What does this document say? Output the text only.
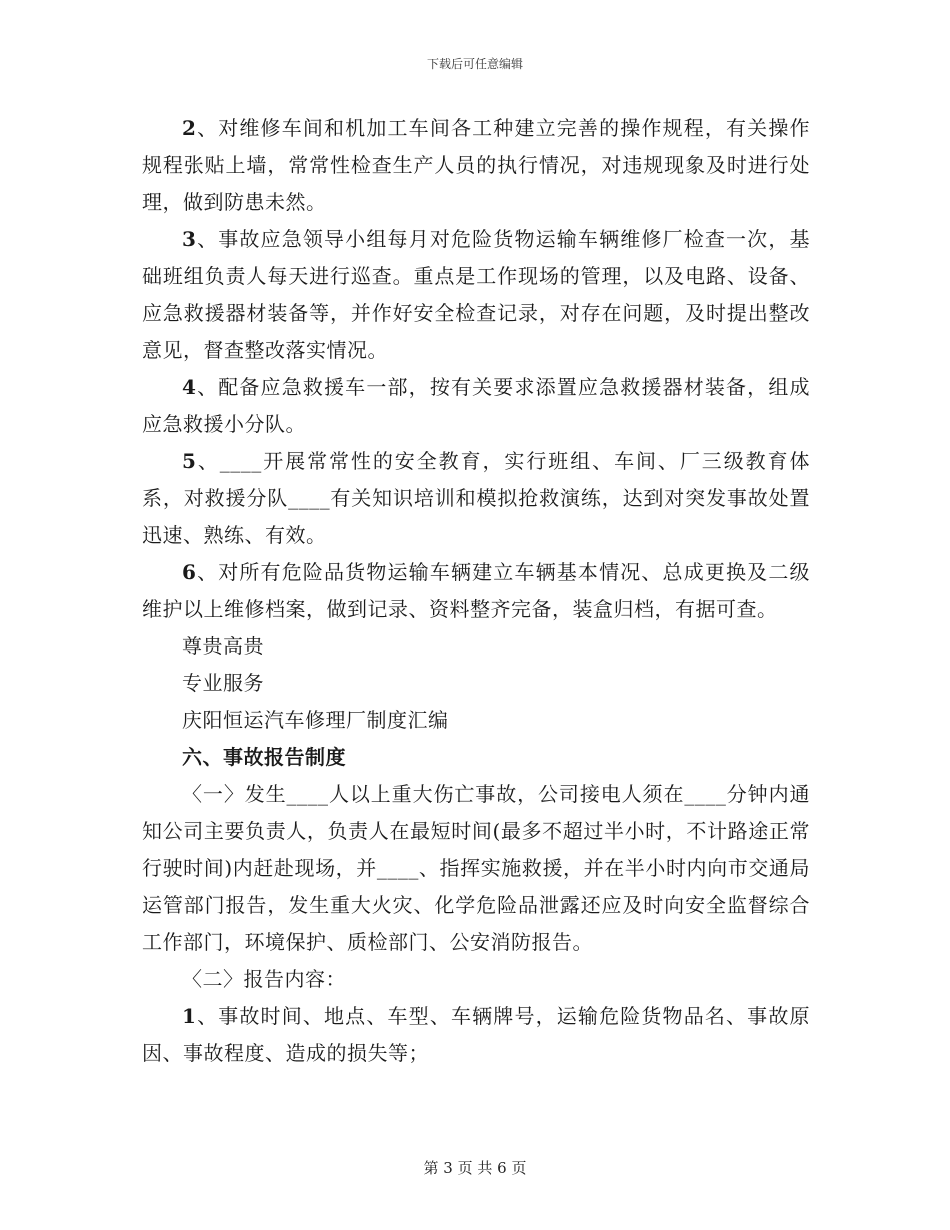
下载后可任意编辑

2、对维修车间和机加工车间各工种建立完善的操作规程，有关操作规程张贴上墙，常常性检查生产人员的执行情况，对违规现象及时进行处理，做到防患未然。

3、事故应急领导小组每月对危险货物运输车辆维修厂检查一次，基础班组负责人每天进行巡查。重点是工作现场的管理，以及电路、设备、应急救援器材装备等，并作好安全检查记录，对存在问题，及时提出整改意见，督查整改落实情况。

4、配备应急救援车一部，按有关要求添置应急救援器材装备，组成应急救援小分队。

5、____开展常常性的安全教育，实行班组、车间、厂三级教育体系，对救援分队____有关知识培训和模拟抢救演练，达到对突发事故处置迅速、熟练、有效。

6、对所有危险品货物运输车辆建立车辆基本情况、总成更换及二级维护以上维修档案，做到记录、资料整齐完备，装盒归档，有据可查。

尊贵高贵

专业服务

庆阳恒运汽车修理厂制度汇编

六、事故报告制度

〈一〉发生____人以上重大伤亡事故，公司接电人须在____分钟内通知公司主要负责人，负责人在最短时间(最多不超过半小时，不计路途正常行驶时间)内赶赴现场，并____、指挥实施救援，并在半小时内向市交通局运管部门报告，发生重大火灾、化学危险品泄露还应及时向安全监督综合工作部门，环境保护、质检部门、公安消防报告。

〈二〉报告内容：

1、事故时间、地点、车型、车辆牌号，运输危险货物品名、事故原因、事故程度、造成的损失等；

第 3 页 共 6 页
